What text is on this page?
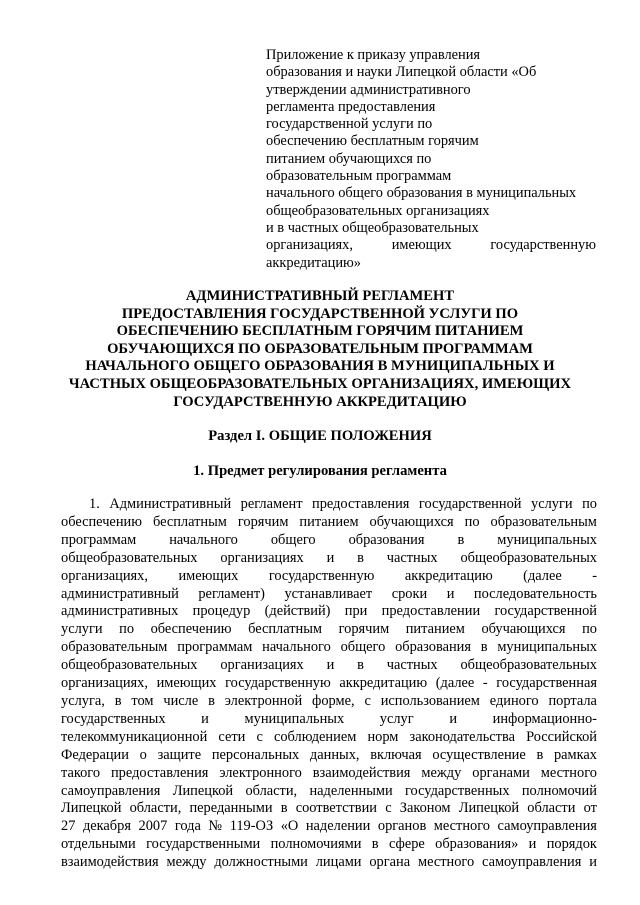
Приложение к приказу управления
образования и науки Липецкой области «Об
утверждении административного
регламента предоставления
государственной услуги по
обеспечению бесплатным горячим
питанием обучающихся по
образовательным программам
начального общего образования в муниципальных
общеобразовательных организациях
и в частных общеобразовательных
организациях,	имеющих	государственную
аккредитацию»
АДМИНИСТРАТИВНЫЙ РЕГЛАМЕНТ
ПРЕДОСТАВЛЕНИЯ ГОСУДАРСТВЕННОЙ УСЛУГИ ПО
ОБЕСПЕЧЕНИЮ БЕСПЛАТНЫМ ГОРЯЧИМ ПИТАНИЕМ
ОБУЧАЮЩИХСЯ ПО ОБРАЗОВАТЕЛЬНЫМ ПРОГРАММАМ
НАЧАЛЬНОГО ОБЩЕГО ОБРАЗОВАНИЯ В МУНИЦИПАЛЬНЫХ И
ЧАСТНЫХ ОБЩЕОБРАЗОВАТЕЛЬНЫХ ОРГАНИЗАЦИЯХ, ИМЕЮЩИХ
ГОСУДАРСТВЕННУЮ АККРЕДИТАЦИЮ
Раздел I. ОБЩИЕ ПОЛОЖЕНИЯ
1. Предмет регулирования регламента
1. Административный регламент предоставления государственной услуги по
обеспечению бесплатным горячим питанием обучающихся по образовательным
программам начального общего образования в муниципальных
общеобразовательных организациях и в частных общеобразовательных
организациях, имеющих государственную аккредитацию (далее -
административный регламент) устанавливает сроки и последовательность
административных процедур (действий) при предоставлении государственной
услуги по обеспечению бесплатным горячим питанием обучающихся по
образовательным программам начального общего образования в муниципальных
общеобразовательных организациях и в частных общеобразовательных
организациях, имеющих государственную аккредитацию (далее - государственная
услуга, в том числе в электронной форме, с использованием единого портала
государственных и муниципальных услуг и информационно-
телекоммуникационной сети с соблюдением норм законодательства Российской
Федерации о защите персональных данных, включая осуществление в рамках
такого предоставления электронного взаимодействия между органами местного
самоуправления Липецкой области, наделенными государственных полномочий
Липецкой области, переданными в соответствии с Законом Липецкой области от
27 декабря 2007 года № 119-ОЗ «О наделении органов местного самоуправления
отдельными государственными полномочиями в сфере образования» и порядок
взаимодействия между должностными лицами органа местного самоуправления и
